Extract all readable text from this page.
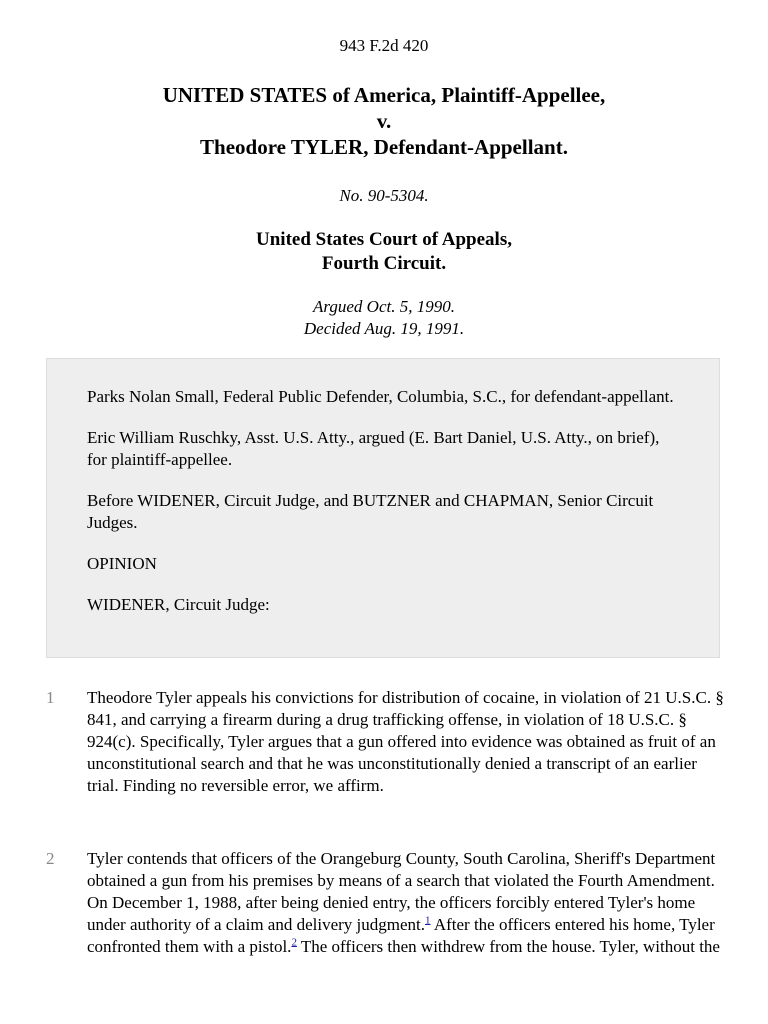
943 F.2d 420
UNITED STATES of America, Plaintiff-Appellee,
v.
Theodore TYLER, Defendant-Appellant.
No. 90-5304.
United States Court of Appeals,
Fourth Circuit.
Argued Oct. 5, 1990.
Decided Aug. 19, 1991.

Parks Nolan Small, Federal Public Defender, Columbia, S.C., for defendant-appellant.

Eric William Ruschky, Asst. U.S. Atty., argued (E. Bart Daniel, U.S. Atty., on brief), for plaintiff-appellee.

Before WIDENER, Circuit Judge, and BUTZNER and CHAPMAN, Senior Circuit Judges.

OPINION

WIDENER, Circuit Judge:

1 Theodore Tyler appeals his convictions for distribution of cocaine, in violation of 21 U.S.C. § 841, and carrying a firearm during a drug trafficking offense, in violation of 18 U.S.C. § 924(c). Specifically, Tyler argues that a gun offered into evidence was obtained as fruit of an unconstitutional search and that he was unconstitutionally denied a transcript of an earlier trial. Finding no reversible error, we affirm.
2 Tyler contends that officers of the Orangeburg County, South Carolina, Sheriff's Department obtained a gun from his premises by means of a search that violated the Fourth Amendment. On December 1, 1988, after being denied entry, the officers forcibly entered Tyler's home under authority of a claim and delivery judgment.$^1$ After the officers entered his home, Tyler confronted them with a pistol.$^2$ The officers then withdrew from the house. Tyler, without the
